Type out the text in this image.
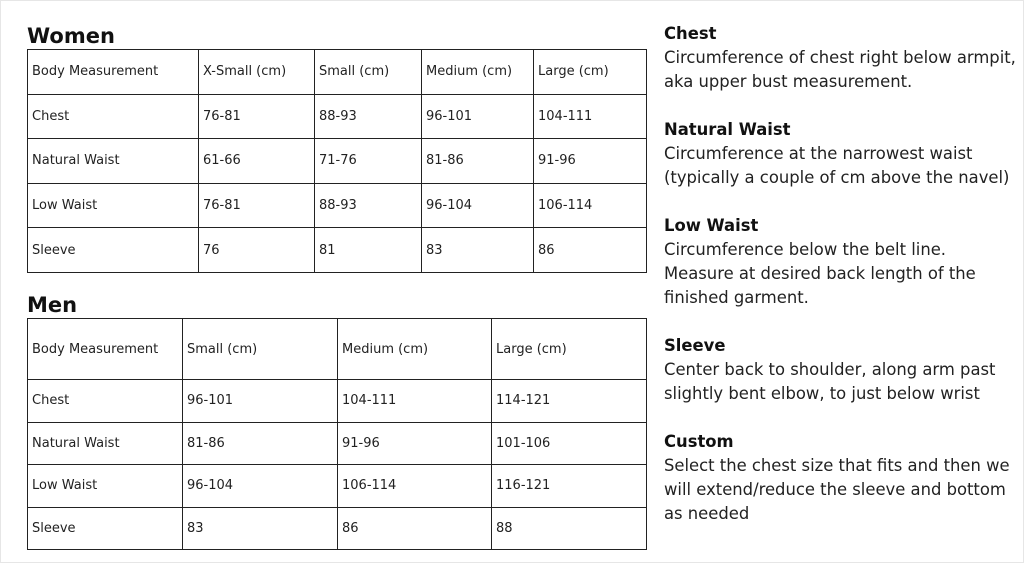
Women
Body Measurement	X-Small (cm)	Small (cm)	Medium (cm)	Large (cm)
Chest	76-81	88-93	96-101	104-111
Natural Waist	61-66	71-76	81-86	91-96
Low Waist	76-81	88-93	96-104	106-114
Sleeve	76	81	83	86
Men
Body Measurement	Small (cm)	Medium (cm)	Large (cm)
Chest	96-101	104-111	114-121
Natural Waist	81-86	91-96	101-106
Low Waist	96-104	106-114	116-121
Sleeve	83	86	88
Chest
Circumference of chest right below armpit, aka upper bust measurement.
Natural Waist
Circumference at the narrowest waist (typically a couple of cm above the navel)
Low Waist
Circumference below the belt line. Measure at desired back length of the finished garment.
Sleeve
Center back to shoulder, along arm past slightly bent elbow, to just below wrist
Custom
Select the chest size that fits and then we will extend/reduce the sleeve and bottom as needed
